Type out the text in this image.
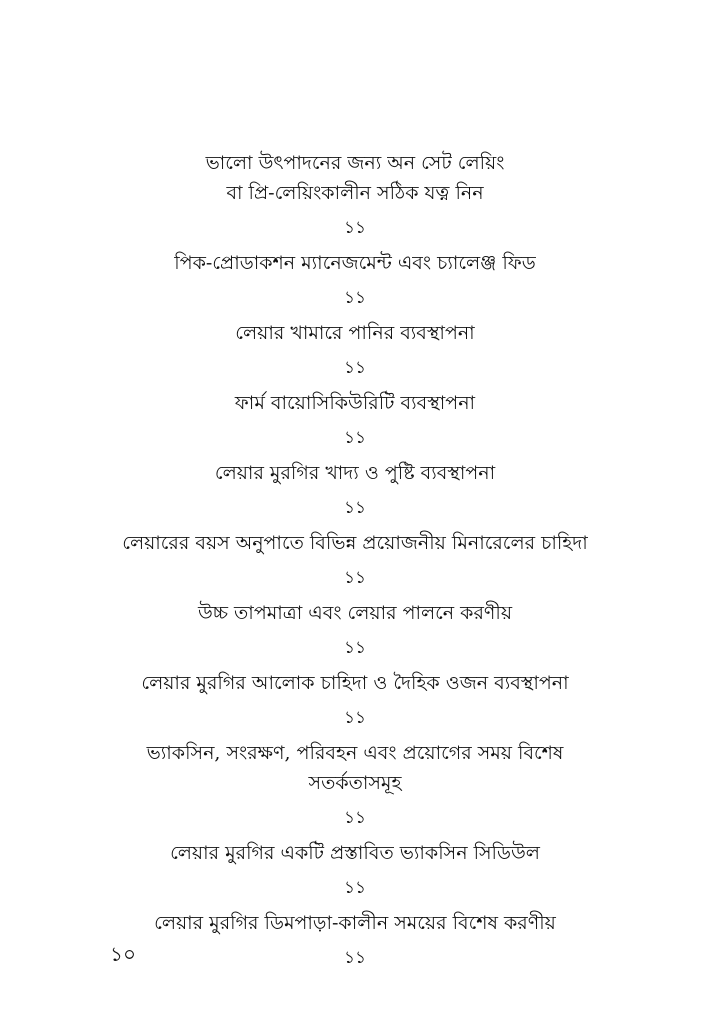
ভালো উৎপাদনের জন্য অন সেট লেয়িং
বা প্রি-লেয়িংকালীন সঠিক যত্ন নিন
১১
পিক-প্রোডাকশন ম্যানেজমেন্ট এবং চ্যালেঞ্জ ফিড
১১
লেয়ার খামারে পানির ব্যবস্থাপনা
১১
ফার্ম বায়োসিকিউরিটি ব্যবস্থাপনা
১১
লেয়ার মুরগির খাদ্য ও পুষ্টি ব্যবস্থাপনা
১১
লেয়ারের বয়স অনুপাতে বিভিন্ন প্রয়োজনীয় মিনারেলের চাহিদা
১১
উচ্চ তাপমাত্রা এবং লেয়ার পালনে করণীয়
১১
লেয়ার মুরগির আলোক চাহিদা ও দৈহিক ওজন ব্যবস্থাপনা
১১
ভ্যাকসিন, সংরক্ষণ, পরিবহন এবং প্রয়োগের সময় বিশেষ
সতর্কতাসমূহ
১১
লেয়ার মুরগির একটি প্রস্তাবিত ভ্যাকসিন সিডিউল
১১
লেয়ার মুরগির ডিমপাড়া-কালীন সময়ের বিশেষ করণীয়
১১
১০
